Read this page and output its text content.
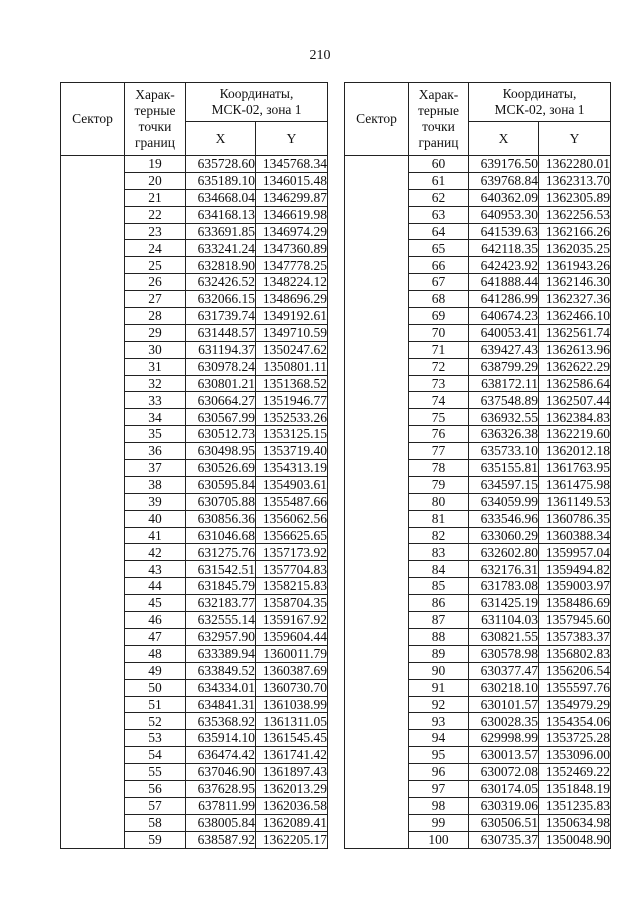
210
Сектор	Харак-
терные
точки
границ	Координаты,
МСК-02, зона 1	
		X	Y
	19	635728.60	1345768.34
	20	635189.10	1346015.48
	21	634668.04	1346299.87
	22	634168.13	1346619.98
	23	633691.85	1346974.29
	24	633241.24	1347360.89
	25	632818.90	1347778.25
	26	632426.52	1348224.12
	27	632066.15	1348696.29
	28	631739.74	1349192.61
	29	631448.57	1349710.59
	30	631194.37	1350247.62
	31	630978.24	1350801.11
	32	630801.21	1351368.52
	33	630664.27	1351946.77
	34	630567.99	1352533.26
	35	630512.73	1353125.15
	36	630498.95	1353719.40
	37	630526.69	1354313.19
	38	630595.84	1354903.61
	39	630705.88	1355487.66
	40	630856.36	1356062.56
	41	631046.68	1356625.65
	42	631275.76	1357173.92
	43	631542.51	1357704.83
	44	631845.79	1358215.83
	45	632183.77	1358704.35
	46	632555.14	1359167.92
	47	632957.90	1359604.44
	48	633389.94	1360011.79
	49	633849.52	1360387.69
	50	634334.01	1360730.70
	51	634841.31	1361038.99
	52	635368.92	1361311.05
	53	635914.10	1361545.45
	54	636474.42	1361741.42
	55	637046.90	1361897.43
	56	637628.95	1362013.29
	57	637811.99	1362036.58
	58	638005.84	1362089.41
	59	638587.92	1362205.17
Сектор	Харак-
терные
точки
границ	Координаты,
МСК-02, зона 1	
		X	Y
	60	639176.50	1362280.01
	61	639768.84	1362313.70
	62	640362.09	1362305.89
	63	640953.30	1362256.53
	64	641539.63	1362166.26
	65	642118.35	1362035.25
	66	642423.92	1361943.26
	67	641888.44	1362146.30
	68	641286.99	1362327.36
	69	640674.23	1362466.10
	70	640053.41	1362561.74
	71	639427.43	1362613.96
	72	638799.29	1362622.29
	73	638172.11	1362586.64
	74	637548.89	1362507.44
	75	636932.55	1362384.83
	76	636326.38	1362219.60
	77	635733.10	1362012.18
	78	635155.81	1361763.95
	79	634597.15	1361475.98
	80	634059.99	1361149.53
	81	633546.96	1360786.35
	82	633060.29	1360388.34
	83	632602.80	1359957.04
	84	632176.31	1359494.82
	85	631783.08	1359003.97
	86	631425.19	1358486.69
	87	631104.03	1357945.60
	88	630821.55	1357383.37
	89	630578.98	1356802.83
	90	630377.47	1356206.54
	91	630218.10	1355597.76
	92	630101.57	1354979.29
	93	630028.35	1354354.06
	94	629998.99	1353725.28
	95	630013.57	1353096.00
	96	630072.08	1352469.22
	97	630174.05	1351848.19
	98	630319.06	1351235.83
	99	630506.51	1350634.98
	100	630735.37	1350048.90
